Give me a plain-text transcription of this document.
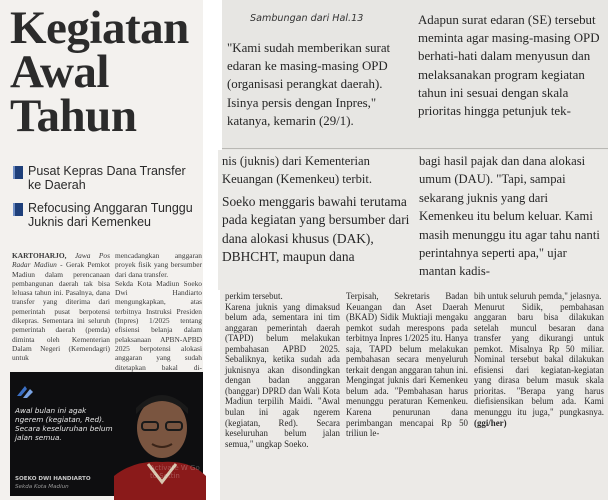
Kegiatan
Awal
Tahun
Pusat Kepras Dana Transfer ke Daerah
Refocusing Anggaran Tunggu Juknis dari Kemenkeu
KARTOHARJO, Jawa Pos Radar Madiun - Gerak Pemkot Madiun dalam perencanaan pembangunan daerah tak bisa leluasa tahun ini. Pasalnya, dana transfer yang diterima dari pemerintah pusat berpotensi dikepras. Sementara ini seluruh pemerintah daerah (pemda) diminta oleh Kementerian Dalam Negeri (Kemendagri) untuk
mencadangkan anggaran proyek fisik yang bersumber dari dana transfer.
Sekda Kota Madiun Soeko Dwi Handiarto mengungkapkan, atas terbitnya Instruksi Presiden (Inpres) 1/2025 tentang efisiensi belanja dalam pelaksanaan APBN-APBD 2025 berpotensi alokasi anggaran yang sudah ditetapkan bakal di-

Awal bulan ini agak ngerem (kegiatan, Red). Secara keseluruhan belum jalan semua.
SOEKO DWI HANDIARTO
Sekda Kota Madiun
Activate W Go to Settin
Sambungan dari Hal.13
"Kami sudah memberikan surat edaran ke masing-masing OPD (organisasi perangkat daerah). Isinya persis dengan Inpres," katanya, kemarin (29/1).
Adapun surat edaran (SE) tersebut meminta agar masing-masing OPD berhati-hati dalam menyusun dan melaksanakan program kegiatan tahun ini sesuai dengan skala prioritas hingga petunjuk tek-
nis (juknis) dari Kementerian Keuangan (Kemenkeu) terbit.

Soeko menggaris bawahi terutama pada kegiatan yang bersumber dari dana alokasi khusus (DAK), DBHCHT, maupun dana
bagi hasil pajak dan dana alokasi umum (DAU). "Tapi, sampai sekarang juknis yang dari Kemenkeu itu belum keluar. Kami masih menunggu itu agar tahu nanti perintahnya seperti apa," ujar mantan kadis-
perkim tersebut.
Karena juknis yang dimaksud belum ada, sementara ini tim anggaran pemerintah daerah (TAPD) belum melakukan pembahasan APBD 2025. Sebaliknya, ketika sudah ada juknisnya akan disondingkan dengan badan anggaran (banggar) DPRD dan Wali Kota Madiun terpilih Maidi. "Awal bulan ini agak ngerem (kegiatan, Red). Secara keseluruhan belum jalan semua," ungkap Soeko.
Terpisah, Sekretaris Badan Keuangan dan Aset Daerah (BKAD) Sidik Muktiaji mengaku pemkot sudah merespons pada terbitnya Inpres 1/2025 itu. Hanya saja, TAPD belum melakukan pembahasan secara menyeluruh terkait dengan anggaran tahun ini. Mengingat juknis dari Kemenkeu belum ada. "Pembahasan harus menunggu peraturan Kemenkeu. Karena penurunan dana perimbangan mencapai Rp 50 triliun le-
bih untuk seluruh pemda," jelasnya.
Menurut Sidik, pembahasan anggaran baru bisa dilakukan setelah muncul besaran dana transfer yang dikurangi untuk pemkot. Misalnya Rp 50 miliar. Nominal tersebut bakal dilakukan efisiensi dari kegiatan-kegiatan yang dirasa belum masuk skala prioritas. "Berapa yang harus diefisiensikan belum ada. Kami menunggu itu juga," pungkasnya. (ggi/her)
